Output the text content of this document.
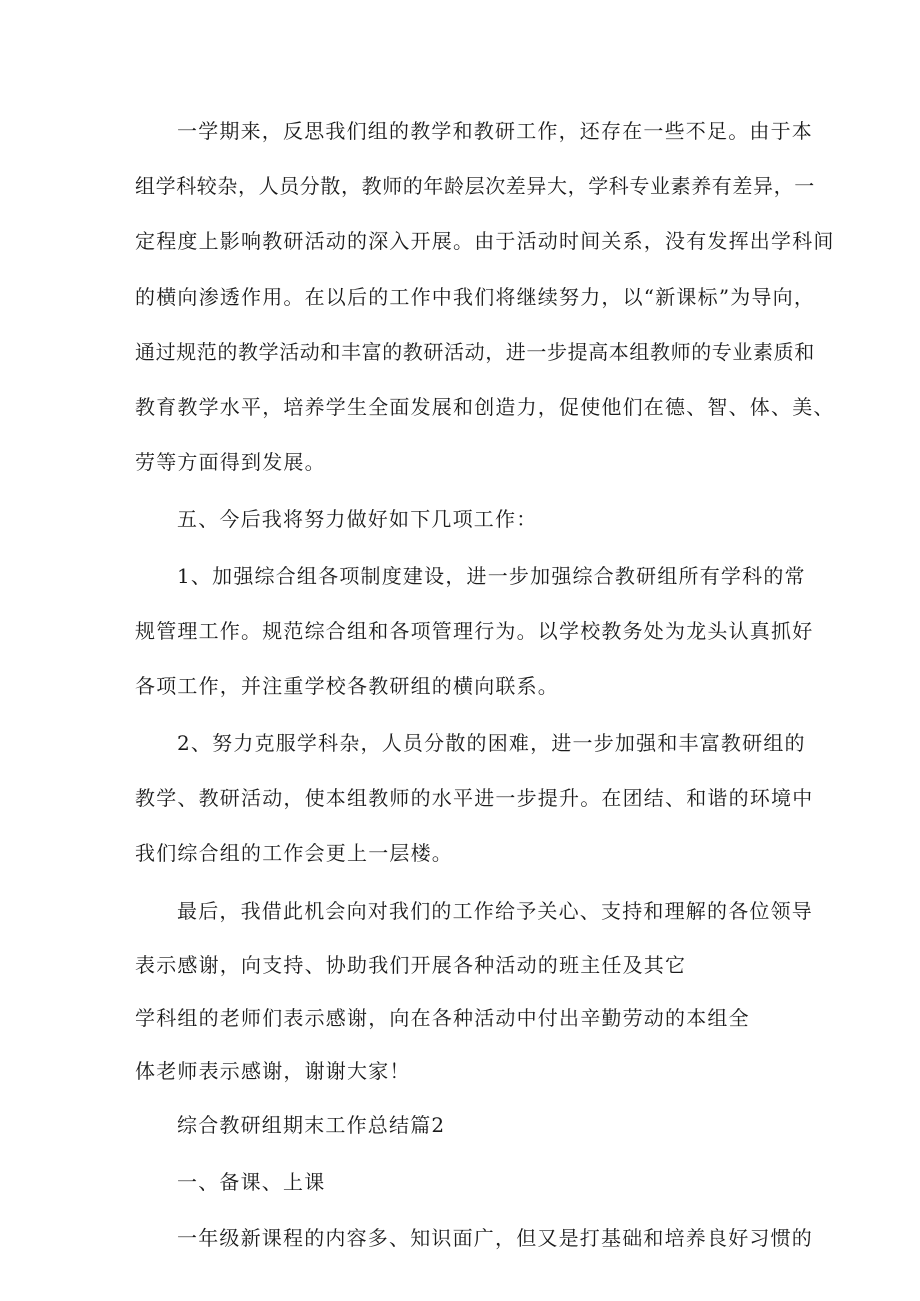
一学期来，反思我们组的教学和教研工作，还存在一些不足。由于本
组学科较杂，人员分散，教师的年龄层次差异大，学科专业素养有差异，一
定程度上影响教研活动的深入开展。由于活动时间关系，没有发挥出学科间
的横向渗透作用。在以后的工作中我们将继续努力，以“新课标”为导向，
通过规范的教学活动和丰富的教研活动，进一步提高本组教师的专业素质和
教育教学水平，培养学生全面发展和创造力，促使他们在德、智、体、美、
劳等方面得到发展。
五、今后我将努力做好如下几项工作：
1、加强综合组各项制度建设，进一步加强综合教研组所有学科的常
规管理工作。规范综合组和各项管理行为。以学校教务处为龙头认真抓好
各项工作，并注重学校各教研组的横向联系。
2、努力克服学科杂，人员分散的困难，进一步加强和丰富教研组的
教学、教研活动，使本组教师的水平进一步提升。在团结、和谐的环境中
我们综合组的工作会更上一层楼。
最后，我借此机会向对我们的工作给予关心、支持和理解的各位领导
表示感谢，向支持、协助我们开展各种活动的班主任及其它
学科组的老师们表示感谢，向在各种活动中付出辛勤劳动的本组全
体老师表示感谢，谢谢大家！
综合教研组期末工作总结篇2
一、备课、上课
一年级新课程的内容多、知识面广，但又是打基础和培养良好习惯的
